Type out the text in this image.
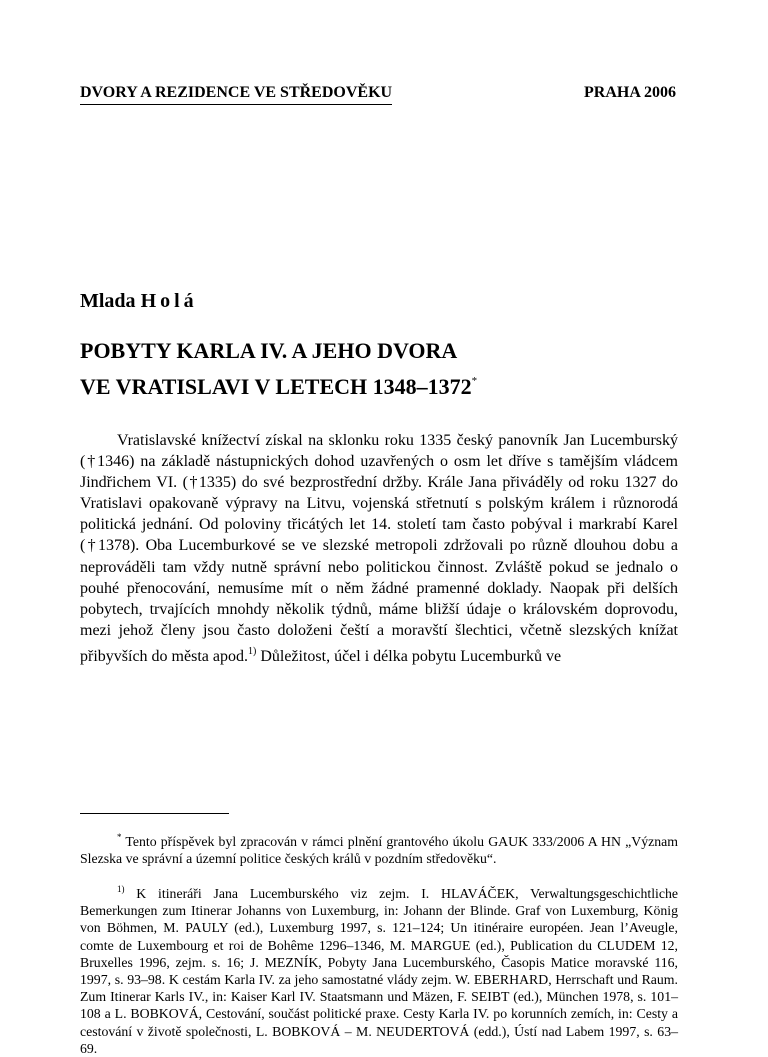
DVORY A REZIDENCE VE STŘEDOVĚKU	PRAHA 2006
Mlada Holá
POBYTY KARLA IV. A JEHO DVORA
VE VRATISLAVI V LETECH 1348–1372*

Vratislavské knížectví získal na sklonku roku 1335 český panovník Jan Lucemburský (†1346) na základě nástupnických dohod uzavřených o osm let dříve s tamějším vládcem Jindřichem VI. (†1335) do své bezprostřední držby. Krále Jana přiváděly od roku 1327 do Vratislavi opakovaně výpravy na Litvu, vojenská střetnutí s polským králem i různorodá politická jednání. Od poloviny třicátých let 14. století tam často pobýval i markrabí Karel (†1378). Oba Lucemburkové se ve slezské metropoli zdržovali po různě dlouhou dobu a neprováděli tam vždy nutně správní nebo politickou činnost. Zvláště pokud se jednalo o pouhé přenocování, nemusíme mít o něm žádné pramenné doklady. Naopak při delších pobytech, trvajících mnohdy několik týdnů, máme bližší údaje o královském doprovodu, mezi jehož členy jsou často doloženi čeští a moravští šlechtici, včetně slezských knížat přibyvších do města apod.$^{1)}$ Důležitost, účel i délka pobytu Lucemburků ve

* Tento příspěvek byl zpracován v rámci plnění grantového úkolu GAUK 333/2006 A HN „Význam Slezska ve správní a územní politice českých králů v pozdním středověku“.

$^{1)}$ K itineráři Jana Lucemburského viz zejm. I. HLAVÁČEK, Verwaltungsgeschichtliche Bemerkungen zum Itinerar Johanns von Luxemburg, in: Johann der Blinde. Graf von Luxemburg, König von Böhmen, M. PAULY (ed.), Luxemburg 1997, s. 121–124; Un itinéraire européen. Jean l’Aveugle, comte de Luxembourg et roi de Bohême 1296–1346, M. MARGUE (ed.), Publication du CLUDEM 12, Bruxelles 1996, zejm. s. 16; J. MEZNÍK, Pobyty Jana Lucemburského, Časopis Matice moravské 116, 1997, s. 93–98. K cestám Karla IV. za jeho samostatné vlády zejm. W. EBERHARD, Herrschaft und Raum. Zum Itinerar Karls IV., in: Kaiser Karl IV. Staatsmann und Mäzen, F. SEIBT (ed.), München 1978, s. 101–108 a L. BOBKOVÁ, Cestování, součást politické praxe. Cesty Karla IV. po korunních zemích, in: Cesty a cestování v životě společnosti, L. BOBKOVÁ – M. NEUDERTOVÁ (edd.), Ústí nad Labem 1997, s. 63–69.
